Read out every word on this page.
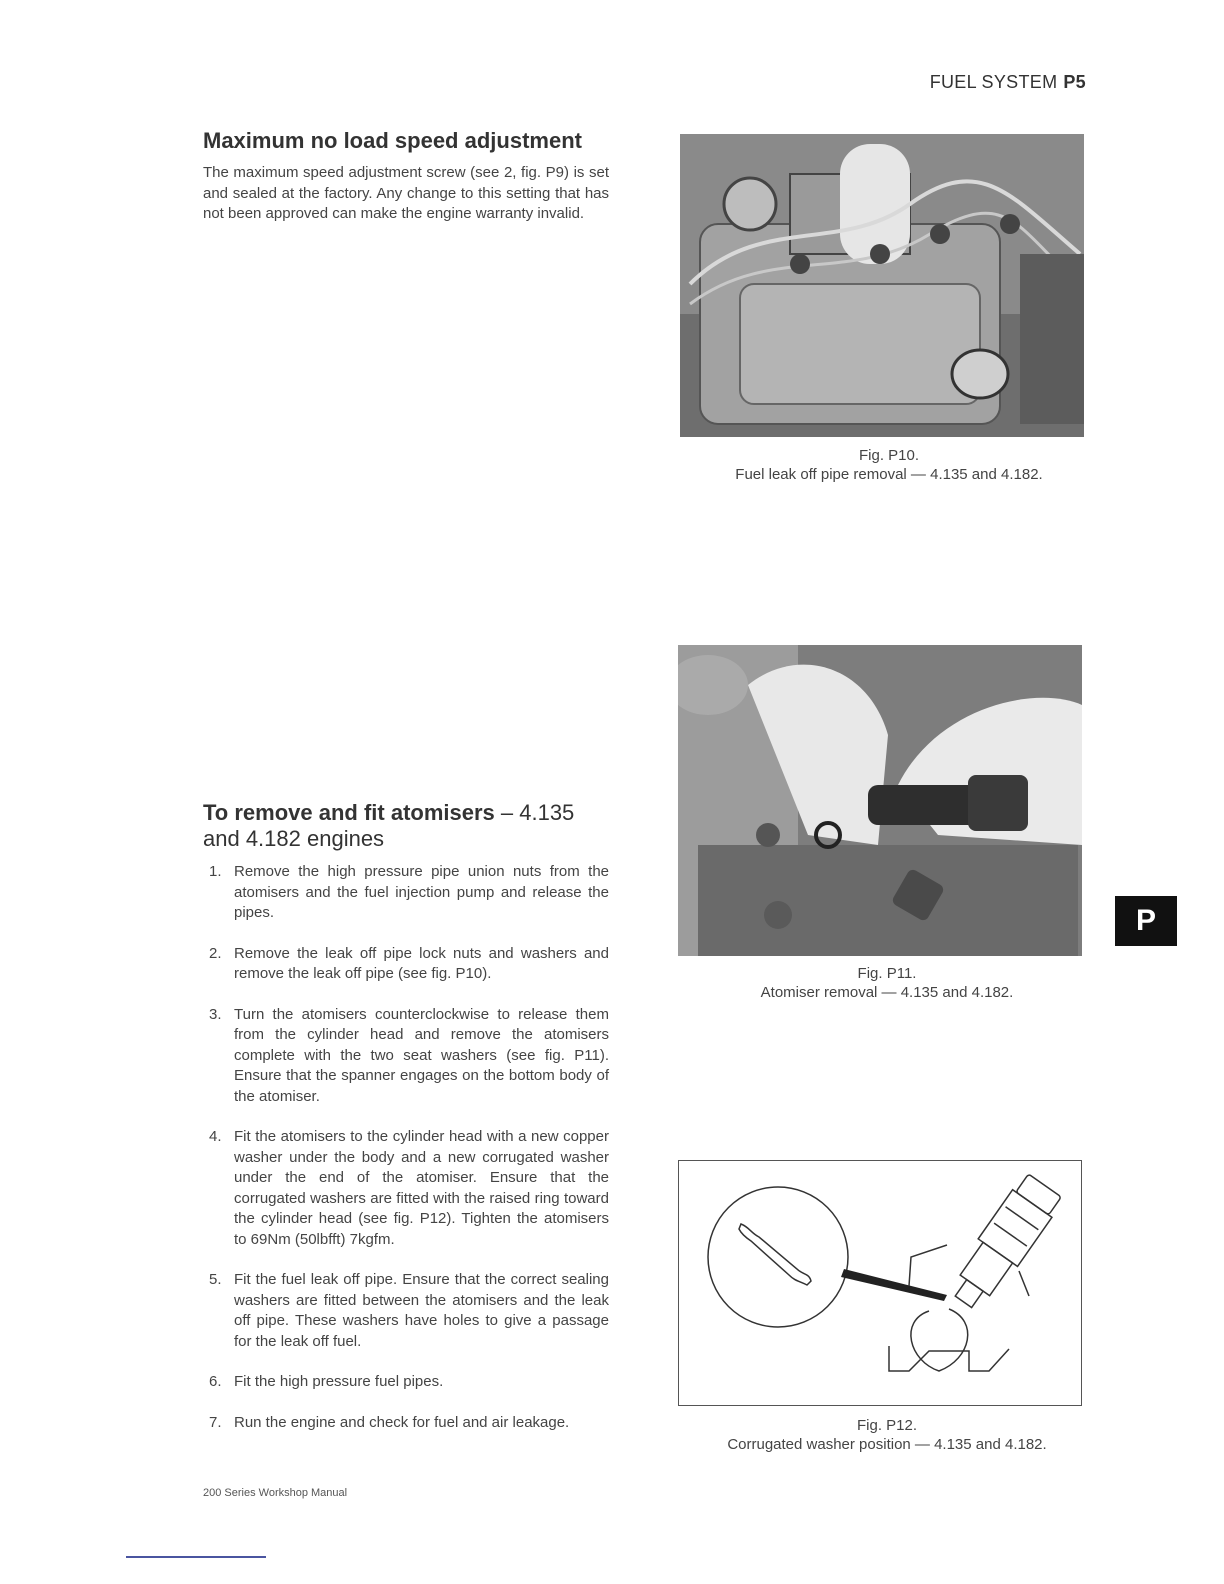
FUEL SYSTEM P5
Maximum no load speed adjustment
The maximum speed adjustment screw (see 2, fig. P9) is set and sealed at the factory. Any change to this setting that has not been approved can make the engine warranty invalid.
To remove and fit atomisers – 4.135 and 4.182 engines
1. Remove the high pressure pipe union nuts from the atomisers and the fuel injection pump and release the pipes.
2. Remove the leak off pipe lock nuts and washers and remove the leak off pipe (see fig. P10).
3. Turn the atomisers counterclockwise to release them from the cylinder head and remove the atomisers complete with the two seat washers (see fig. P11). Ensure that the spanner engages on the bottom body of the atomiser.
4. Fit the atomisers to the cylinder head with a new copper washer under the body and a new corrugated washer under the end of the atomiser. Ensure that the corrugated washers are fitted with the raised ring toward the cylinder head (see fig. P12). Tighten the atomisers to 69Nm (50lbfft) 7kgfm.
5. Fit the fuel leak off pipe. Ensure that the correct sealing washers are fitted between the atomisers and the leak off pipe. These washers have holes to give a passage for the leak off fuel.
6. Fit the high pressure fuel pipes.
7. Run the engine and check for fuel and air leakage.
Fig. P10.
Fuel leak off pipe removal — 4.135 and 4.182.
Fig. P11.
Atomiser removal — 4.135 and 4.182.
Fig. P12.
Corrugated washer position — 4.135 and 4.182.
P
200 Series Workshop Manual
